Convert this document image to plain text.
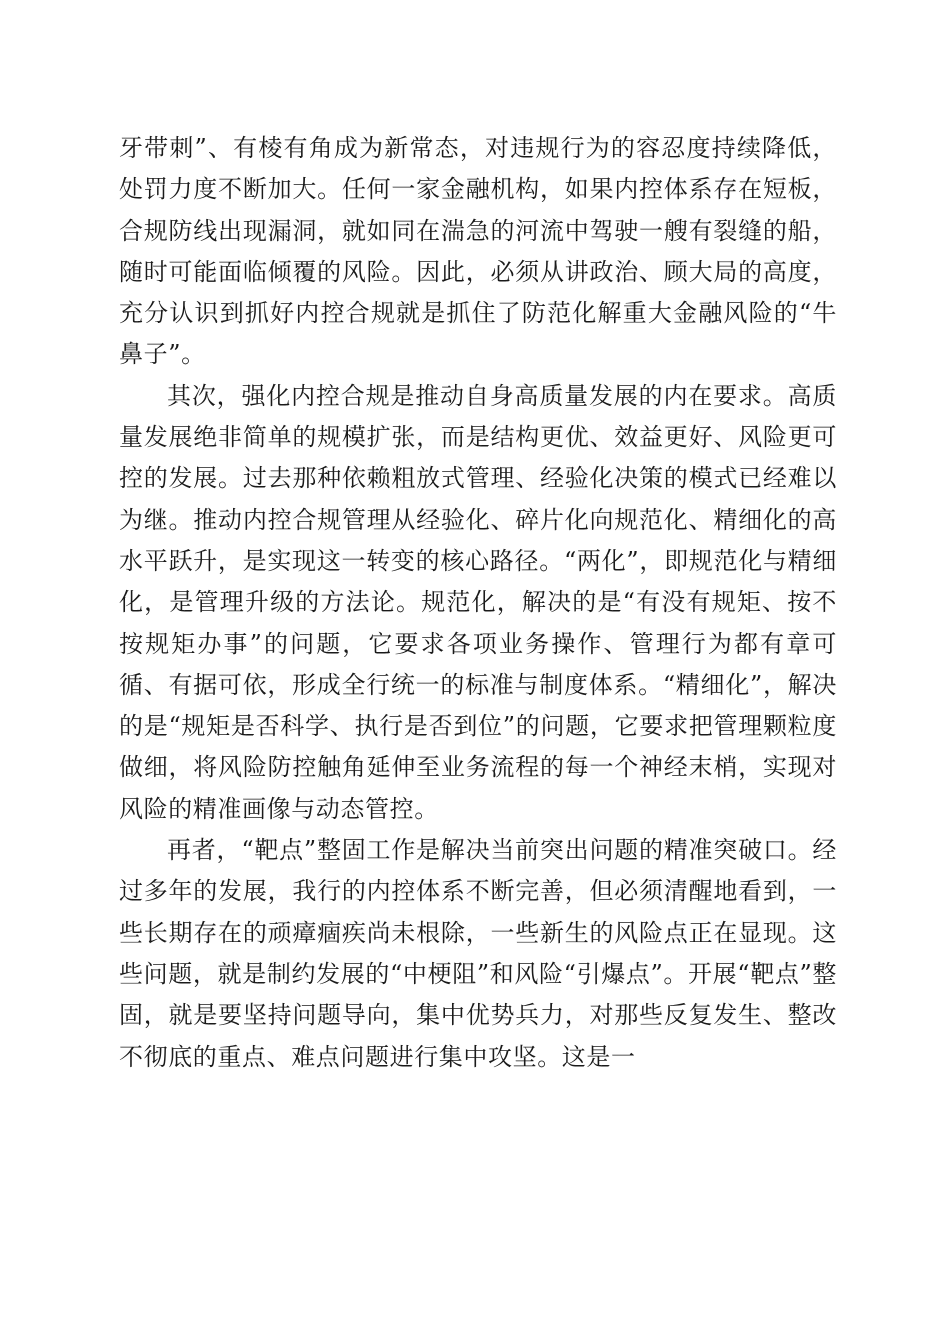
牙带刺”、有棱有角成为新常态，对违规行为的容忍度持续降低，处罚力度不断加大。任何一家金融机构，如果内控体系存在短板，合规防线出现漏洞，就如同在湍急的河流中驾驶一艘有裂缝的船，随时可能面临倾覆的风险。因此，必须从讲政治、顾大局的高度，充分认识到抓好内控合规就是抓住了防范化解重大金融风险的“牛鼻子”。

其次，强化内控合规是推动自身高质量发展的内在要求。高质量发展绝非简单的规模扩张，而是结构更优、效益更好、风险更可控的发展。过去那种依赖粗放式管理、经验化决策的模式已经难以为继。推动内控合规管理从经验化、碎片化向规范化、精细化的高水平跃升，是实现这一转变的核心路径。“两化”，即规范化与精细化，是管理升级的方法论。规范化，解决的是“有没有规矩、按不按规矩办事”的问题，它要求各项业务操作、管理行为都有章可循、有据可依，形成全行统一的标准与制度体系。“精细化”，解决的是“规矩是否科学、执行是否到位”的问题，它要求把管理颗粒度做细，将风险防控触角延伸至业务流程的每一个神经末梢，实现对风险的精准画像与动态管控。

再者，“靶点”整固工作是解决当前突出问题的精准突破口。经过多年的发展，我行的内控体系不断完善，但必须清醒地看到，一些长期存在的顽瘴痼疾尚未根除，一些新生的风险点正在显现。这些问题，就是制约发展的“中梗阻”和风险“引爆点”。开展“靶点”整固，就是要坚持问题导向，集中优势兵力，对那些反复发生、整改不彻底的重点、难点问题进行集中攻坚。这是一
